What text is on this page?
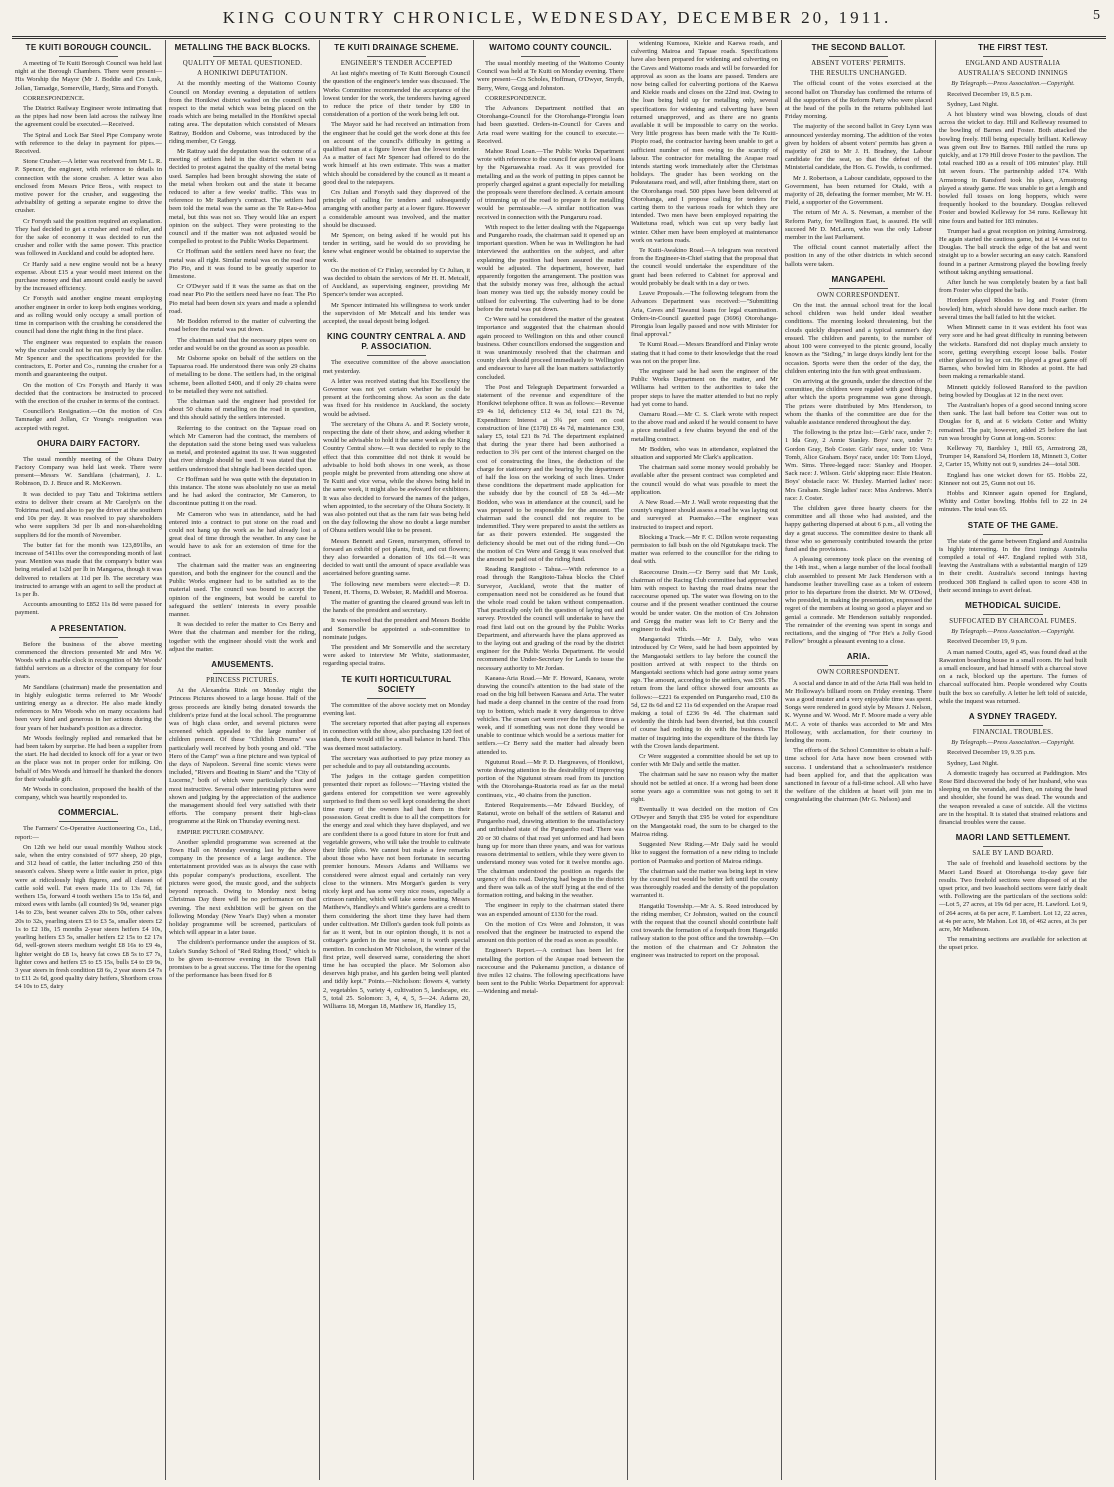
KING COUNTRY CHRONICLE, WEDNESDAY, DECEMBER 20, 1911.	5
TE KUITI BOROUGH COUNCIL.

A meeting of Te Kuiti Borough Council was held last night at the Borough Chambers. There were present—His Worship the Mayor (Mr J. Boddie and Crs Lusk, Jollan, Tamadge, Somerville, Hardy, Sims and Forsyth.

CORRESPONDENCE.

The District Railway Engineer wrote intimating that as the pipes had now been laid across the railway line the agreement could be executed.—Received.

The Spiral and Lock Bar Steel Pipe Company wrote with reference to the delay in payment for pipes.—Received.

Stone Crusher.—A letter was received from Mr L. R. P. Spencer, the engineer, with reference to details in connection with the stone crusher. A letter was also enclosed from Messrs Price Bros., with respect to motive power for the crusher, and suggesting the advisability of getting a separate engine to drive the crusher.

Cr Forsyth said the position required an explanation. They had decided to get a crusher and road roller, and for the sake of economy it was decided to run the crusher and roller with the same power. This practice was followed in Auckland and could be adopted here.

Cr Hardy said a new engine would not be a heavy expense. About £15 a year would meet interest on the purchase money and that amount could easily be saved by the increased efficiency.

Cr Forsyth said another engine meant employing another engineer in order to keep both engines working, and as rolling would only occupy a small portion of time in comparison with the crushing he considered the council had done the right thing in the first place.

The engineer was requested to explain the reason why the crusher could not be run properly by the roller. Mr Spencer and the specifications provided for the contractors, E. Porter and Co., running the crusher for a month and guaranteeing the output.

On the motion of Crs Forsyth and Hardy it was decided that the contractors be instructed to proceed with the erection of the crusher in terms of the contract.

Councillor's Resignation.—On the motion of Crs Tamnadge and Jollan, Cr Young's resignation was accepted with regret.

OHURA DAIRY FACTORY.

The usual monthly meeting of the Ohura Dairy Factory Company was held last week. There were present—Messrs W. Sandilans (chairman), J. L. Robinson, D. J. Bruce and R. McKeown.

It was decided to pay Tatu and Tokirima settlers extra to deliver their cream at Mr Carolyn's on the Tokirima road, and also to pay the driver at the southern end 10s per day. It was resolved to pay shareholders who were suppliers 3d per lb and non-shareholding suppliers 8d for the month of November.

The butter fat for the month was 123,891lbs, an increase of 5411bs over the corresponding month of last year. Mention was made that the company's butter was being retailed at 1s2d per lb in Mangaroa, though it was delivered to retailers at 11d per lb. The secretary was instructed to arrange with an agent to sell the product at 1s per lb.

Accounts amounting to £852 11s 8d were passed for payment.

A PRESENTATION.

Before the business of the above meeting commenced the directors presented Mr and Mrs W. Woods with a marble clock in recognition of Mr Woods' faithful services as a director of the company for four years.

Mr Sandilans (chairman) made the presentation and in highly eulogistic terms referred to Mr Woods' untiring energy as a director. He also made kindly references to Mrs Woods who on many occasions had been very kind and generous in her actions during the four years of her husband's position as a director.

Mr Woods feelingly replied and remarked that he had been taken by surprise. He had been a supplier from the start. He had decided to knock off for a year or two as the place was not in proper order for milking. On behalf of Mrs Woods and himself he thanked the donors for their valuable gift.

Mr Woods in conclusion, proposed the health of the company, which was heartily responded to.

COMMERCIAL.

The Farmers' Co-Operative Auctioneering Co., Ltd., report:—

On 12th we held our usual monthly Waihou stock sale, when the entry consisted of 977 sheep, 20 pigs, and 312 head of cattle, the latter including 250 of this season's calves. Sheep were a little easier in price, pigs were at ridiculously high figures, and all classes of cattle sold well. Fat ewes made 11s to 13s 7d, fat wethers 15s, forward 4 tooth wethers 15s to 15s 6d, and mixed ewes with lambs (all counted) 9s 9d, weaner pigs 14s to 23s, best weaner calves 20s to 50s, other calves 20s to 32s, yearling steers £3 to £3 5s, smaller steers £2 1s to £2 18s, 15 months 2-year steers heifers £4 10s, yearling heifers £3 5s, smaller heifers £2 15s to £2 17s 6d, well-grown steers medium weight £8 16s to £9 4s, lighter weight do £8 1s, heavy fat cows £8 5s to £7 7s, lighter cows and heifers £5 to £5 15s, bulls £4 to £9 9s, 3 year steers in fresh condition £8 6s, 2 year steers £4 7s to £11 2s 6d, good quality dairy heifers, Shorthorn cross £4 10s to £5, dairy

METALLING THE BACK BLOCKS.
QUALITY OF METAL QUESTIONED.
A HONIKIWI DEPUTATION.

At the monthly meeting of the Waitomo County Council on Monday evening a deputation of settlers from the Honikiwi district waited on the council with respect to the metal which was being placed on the roads which are being metalled in the Honikiwi special rating area. The deputation which consisted of Messrs Rattray, Boddon and Osborne, was introduced by the riding member, Cr Gregg.

Mr Rattray said the deputation was the outcome of a meeting of settlers held in the district when it was decided to protest against the quality of the metal being used. Samples had been brought showing the state of the metal when broken out and the state it became reduced to after a few weeks' traffic. This was in reference to Mr Rathery's contract. The settlers had been told the metal was the same as the Te Rau-a-Moa metal, but this was not so. They would like an expert opinion on the subject. They were protesting to the council and if the matter was not adjusted would be compelled to protest to the Public Works Department.

Cr Hoffman said the settlers need have no fear; the metal was all right. Similar metal was on the road near Pio Pio, and it was found to be greatly superior to limestone.

Cr O'Dwyer said if it was the same as that on the road near Pio Pio the settlers need have no fear. The Pio Pio metal had been down six years and made a splendid road.

Mr Boddon referred to the matter of culverting the road before the metal was put down.

The chairman said that the necessary pipes were on order and would be on the ground as soon as possible.

Mr Osborne spoke on behalf of the settlers on the Tapuaroa road. He understood there was only 29 chains of metalling to be done. The settlers had, in the original scheme, been allotted £400, and if only 29 chains were to be metalled they were not satisfied.

The chairman said the engineer had provided for about 50 chains of metalling on the road in question, and this should satisfy the settlers interested.

Referring to the contract on the Tapuae road on which Mr Cameron had the contract, the members of the deputation said the stone being used was valueless as metal, and protested against its use. It was suggested that river shingle should be used. It was stated that the settlers understood that shingle had been decided upon.

Cr Hoffman said he was quite with the deputation in this instance. The stone was absolutely no use as metal and he had asked the contractor, Mr Cameron, to discontinue putting it on the road.

Mr Cameron who was in attendance, said he had entered into a contract to put stone on the road and could not hang up the work as he had already lost a great deal of time through the weather. In any case he would have to ask for an extension of time for the contract.

The chairman said the matter was an engineering question, and both the engineer for the council and the Public Works engineer had to be satisfied as to the material used. The council was bound to accept the opinion of the engineers, but would be careful to safeguard the settlers' interests in every possible manner.

It was decided to refer the matter to Crs Berry and Were that the chairman and member for the riding, together with the engineer should visit the work and adjust the matter.

AMUSEMENTS.
PRINCESS PICTURES.

At the Alexandria Rink on Monday night the Princess Pictures showed to a large house. Half of the gross proceeds are kindly being donated towards the children's prize fund at the local school. The programme was of high class order, and several pictures were screened which appealed to the large number of children present. Of these "Childish Dreams" was particularly well received by both young and old. "The Hero of the Camp" was a fine picture and was typical of the days of Napoleon. Several fine scenic views were included, "Rivers and Boating in Siam" and the "City of Lucerne," both of which were particularly clear and most instructive. Several other interesting pictures were shown and judging by the appreciation of the audience the management should feel very satisfied with their efforts. The company present their high-class programme at the Rink on Thursday evening next.

EMPIRE PICTURE COMPANY.

Another splendid programme was screened at the Town Hall on Monday evening last by the above company in the presence of a large audience. The entertainment provided was as is always the case with this popular company's productions, excellent. The pictures were good, the music good, and the subjects beyond reproach. Owing to Monday next being Christmas Day there will be no performance on that evening. The next exhibition will be given on the following Monday (New Year's Day) when a monster holiday programme will be screened, particulars of which will appear in a later issue.

The children's performance under the auspices of St. Luke's Sunday School of "Red Riding Hood," which is to be given to-morrow evening in the Town Hall promises to be a great success. The time for the opening of the performance has been fixed for 8

TE KUITI DRAINAGE SCHEME.
ENGINEER'S TENDER ACCEPTED

At last night's meeting of Te Kuiti Borough Council the question of the engineer's tender was discussed. The Works Committee recommended the acceptance of the lowest tender for the work, the tenderers having agreed to reduce the price of their tender by £80 in consideration of a portion of the work being left out.

The Mayor said he had received an intimation from the engineer that he could get the work done at this fee on account of the council's difficulty in getting a qualified man at a figure lower than the lowest tender. As a matter of fact Mr Spencer had offered to do the work himself at his own estimate. This was a matter which should be considered by the council as it meant a good deal to the ratepayers.

Crs Julian and Forsyth said they disproved of the principle of calling for tenders and subsequently arranging with another party at a lower figure. However a considerable amount was involved, and the matter should be discussed.

Mr Spencer, on being asked if he would put his tender in writing, said he would do so providing he knew what engineer would be obtained to supervise the work.

On the motion of Cr Finlay, seconded by Cr Julian, it was decided to obtain the services of Mr H. H. Metcalf, of Auckland, as supervising engineer, providing Mr Spencer's tender was accepted.

Mr Spencer intimated his willingness to work under the supervision of Mr Metcalf and his tender was accepted, the usual deposit being lodged.

KING COUNTRY CENTRAL A. AND P. ASSOCIATION.

The executive committee of the above association met yesterday.

A letter was received stating that his Excellency the Governor was not yet certain whether he could be present at the forthcoming show. As soon as the date was fixed for his residence in Auckland, the society would be advised.

The secretary of the Ohura A. and P. Society wrote, respecting the date of their show, and asking whether it would be advisable to hold it the same week as the King Country Central show.—It was decided to reply to the effect that this committee did not think it would be advisable to hold both shows in one week, as those people might be prevented from attending one show at Te Kuiti and vice versa, while the shows being held in the same week, it might also be awkward for exhibitors. It was also decided to forward the names of the judges, when appointed, to the secretary of the Ohura Society. It was also pointed out that as the ram fair was being held on the day following the show no doubt a large number of Ohura settlers would like to be present.

Messrs Bennett and Green, nurserymen, offered to forward an exhibit of pot plants, fruit, and cut flowers; they also forwarded a donation of 10s 6d.—It was decided to wait until the amount of space available was ascertained before granting same.

The following new members were elected:—P. D. Tenent, H. Thorns, D. Webster, R. Maddill and Moeroa.

The matter of granting the cleared ground was left in the hands of the president and secretary.

It was resolved that the president and Messrs Boddie and Somerville be appointed a sub-committee to nominate judges.

The president and Mr Somerville and the secretary were asked to interview Mr White, stationmaster, regarding special trains.

TE KUITI HORTICULTURAL SOCIETY

The committee of the above society met on Monday evening last.

The secretary reported that after paying all expenses in connection with the show, also purchasing 120 feet of stands, there would still be a small balance in hand. This was deemed most satisfactory.

The secretary was authorised to pay prize money as per schedule and to pay all outstanding accounts.

The judges in the cottage garden competition presented their report as follows:—"Having visited the gardens entered for competition we were agreeably surprised to find them so well kept considering the short time many of the owners had had them in their possession. Great credit is due to all the competitors for the energy and zeal which they have displayed, and we are confident there is a good future in store for fruit and vegetable growers, who will take the trouble to cultivate their little plots. We cannot but make a few remarks about those who have not been fortunate in securing premier honours. Messrs Adams and Williams we considered were almost equal and certainly ran very close to the winners. Mrs Morgan's garden is very nicely kept and has some very nice roses, especially a crimson rambler, which will take some beating. Messrs Matthew's, Handley's and White's gardens are a credit to them considering the short time they have had them under cultivation. Mr Dillon's garden took full points as far as it went, but in our opinion though, it is not a cottager's garden in the true sense, it is worth special mention. In conclusion Mr Nicholson, the winner of the first prize, well deserved same, considering the short time he has occupied the place. Mr Solomon also deserves high praise, and his garden being well planted and tidily kept." Points.—Nicholson: flowers 4, variety 2, vegetables 5, variety 4, cultivation 5, landscape, etc. 5, total 25. Solomon: 3, 4, 4, 5, 5—24. Adams 20, Williams 18, Morgan 18, Matthew 16, Handley 15,

WAITOMO COUNTY COUNCIL.

The usual monthly meeting of the Waitomo County Council was held at Te Kuiti on Monday evening. There were present—Crs Scholes, Hoffman, O'Dwyer, Smyth, Berry, Were, Gregg and Johnston.

CORRESPONDENCE.

The Advances Department notified that an Otorohanga-Council for the Otorohanga-Firongia loan had been gazetted. Orders-in-Council for Caves and Aria road were waiting for the council to execute.—Received.

Mahoe Road Loan.—The Public Works Department wrote with reference to the council for approval of loans by the Ngaruawahia road. As it was provided for metalling and as the work of putting in pipes cannot be properly charged against a grant especially for metalling the proposals were therefore declined. A certain amount of trimming up of the road to prepare it for metalling would be permissable.—A similar notification was received in connection with the Pungaruru road.

With respect to the letter dealing with the Ngapaenga and Pungareho roads, the chairman said it opened up an important question. When he was in Wellington he had interviewed the authorities on the subject, and after explaining the position had been assured the matter would be adjusted. The department, however, had apparently forgotten the arrangement. The position was that the subsidy money was free, although the actual loan money was tied up; the subsidy money could be utilised for culverting. The culverting had to be done before the metal was put down.

Cr Were said he considered the matter of the greatest importance and suggested that the chairman should again proceed to Wellington on this and other council business. Other councillors endorsed the suggestion and it was unanimously resolved that the chairman and county clerk should proceed immediately to Wellington and endeavour to have all the loan matters satisfactorily concluded.

The Post and Telegraph Department forwarded a statement of the revenue and expenditure of the Honikiwi telephone office. It was as follows:—Revenue £9 4s 1d, deficiency £12 4s 3d, total £21 8s 7d, Expenditure: Interest at 3¾ per cent on cost construction of line (£178) £6 4s 7d, maintenance £30, salary £5, total £21 8s 7d. The department explained that during the year there had been authorised a reduction to 3¾ per cent of the interest charged on the cost of constructing the lines, the deduction of the charge for stationery and the bearing by the department of half the loss on the working of such lines. Under these conditions the department made application for the subsidy due by the council of £8 3s 4d.—Mr Boddon, who was in attendance at the council, said he was prepared to be responsible for the amount. The chairman said the council did not require to be indemnified. They were prepared to assist the settlers as far as their powers extended. He suggested the deficiency should be met out of the riding fund.—On the motion of Crs Were and Gregg it was resolved that the amount be paid out of the riding fund.

Reading Rangitoto - Tahua.—With reference to a road through the Rangitoto-Tahua blocks the Chief Surveyor, Auckland, wrote that the matter of compensation need not be considered as he found that the whole road could be taken without compensation. That practically only left the question of laying out and survey. Provided the council will undertake to have the road first laid out on the ground by the Public Works Department, and afterwards have the plans approved as to the laying out and grading of the road by the district engineer for the Public Works Department. He would recommend the Under-Secretary for Lands to issue the necessary authority to Mr Jordan.

Kaeaea-Aria Road.—Mr F. Howard, Kaeaea, wrote drawing the council's attention to the bad state of the road on the big hill between Kaeaea and Aria. The water had made a deep channel in the centre of the road from top to bottom, which made it very dangerous to drive vehicles. The cream cart went over the hill three times a week, and if something was not done they would be unable to continue which would be a serious matter for settlers.—Cr Berry said the matter had already been attended to.

Ngutunui Road.—Mr P. D. Hargreaves, of Honikiwi, wrote drawing attention to the desirability of improving portion of the Ngutunui stream road from its junction with the Otorohanga-Ruatoria road as far as the metal continues, viz., 40 chains from the junction.

Entered Requirements.—Mr Edward Buckley, of Ratanui, wrote on behalf of the settlers of Ratanui and Pungareho road, drawing attention to the unsatisfactory and unfinished state of the Pungareho road. There was 20 or 30 chains of that road yet unformed and had been hung up for more than three years, and was for various reasons detrimental to settlers, while they were given to understand money was voted for it twelve months ago. The chairman understood the position as regards the urgency of this road. Dairying had begun in the district and there was talk as of the stuff lying at the end of the formation rotting, and baking in the weather.

The engineer in reply to the chairman stated there was an expended amount of £130 for the road.

On the motion of Crs Were and Johnston, it was resolved that the engineer be instructed to expend the amount on this portion of the road as soon as possible.

Engineer's Report.—A contract has been let for metalling the portion of the Arapae road between the racecourse and the Pukenamu junction, a distance of five miles 12 chains. The following specifications have been sent to the Public Works Department for approval:—Widening and metal-

widening Kumoea, Kiekie and Kaewa roads, and culverting Mairoa and Tapuae roads. Specifications have also been prepared for widening and culverting on the Caves and Waitomo roads and will be forwarded for approval as soon as the loans are passed. Tenders are now being called for culverting portions of the Kaewa and Kiekie roads and closes on the 22nd inst. Owing to the loan being held up for metalling only, several specifications for widening and culverting have been returned unapproved, and as there are no grants available it will be impossible to carry on the works. Very little progress has been made with the Te Kuiti-Piopio road, the contractor having been unable to get a sufficient number of men owing to the scarcity of labour. The contractor for metalling the Arapae road intends starting work immediately after the Christmas holidays. The grader has been working on the Pukeatauara road, and will, after finishing there, start on the Otorohanga road. 500 pipes have been delivered at Otorohanga, and I propose calling for tenders for carting them to the various roads for which they are intended. Two men have been employed repairing the Waitetuna road, which was cut up very badly last winter. Other men have been employed at maintenance work on various roads.

Te Kuiti-Awakino Road.—A telegram was received from the Engineer-in-Chief stating that the proposal that the council would undertake the expenditure of the grant had been referred to Cabinet for approval and would probably be dealt with in a day or two.

Leave Proposals.—The following telegram from the Advances Department was received:—"Submitting Aria, Caves and Tawanui loans for legal examination. Orders-in-Council gazetted page (3696) Otorohanga-Pirongia loan legally passed and now with Minister for final approval."

Te Kumi Road.—Messrs Brandford and Finlay wrote stating that it had come to their knowledge that the road was not on the proper line.

The engineer said he had seen the engineer of the Public Works Department on the matter, and Mr Williams had written to the authorities to take the proper steps to have the matter attended to but no reply had yet come to hand.

Oamaru Road.—Mr C. S. Clark wrote with respect to the above road and asked if he would consent to have a piece metalled a few chains beyond the end of the metalling contract.

Mr Bodden, who was in attendance, explained the situation and supported Mr Clark's application.

The chairman said some money would probably be available after the present contract was completed and the council would do what was possible to meet the application.

A New Road.—Mr J. Wall wrote requesting that the county's engineer should assess a road he was laying out and surveyed at Puemako.—The engineer was instructed to inspect and report.

Blocking a Track.—Mr F. C. Dillon wrote requesting permission to fall bush on the old Ngutukapu track. The matter was referred to the councillor for the riding to deal with.

Racecourse Drain.—Cr Berry said that Mr Lusk, chairman of the Racing Club committee had approached him with respect to having the road drains near the racecourse opened up. The water was flowing on to the course and if the present weather continued the course would be under water. On the motion of Crs Johnston and Gregg the matter was left to Cr Berry and the engineer to deal with.

Mangaotaki Thirds.—Mr J. Daly, who was introduced by Cr Were, said he had been appointed by the Mangaotaki settlers to lay before the council the position arrived at with respect to the thirds on Mangaotaki sections which had gone astray some years ago. The amount, according to the settlers, was £95. The return from the land office showed four amounts as follows:—£221 6s expended on Pungareho road, £10 8s 5d, £2 8s 6d and £2 11s 6d expended on the Arapae road making a total of £236 9s 4d. The chairman said evidently the thirds had been diverted, but this council of course had nothing to do with the business. The matter of inquiring into the expenditure of the thirds lay with the Crown lands department.

Cr Were suggested a committee should be set up to confer with Mr Daly and settle the matter.

The chairman said he saw no reason why the matter should not be settled at once. If a wrong had been done some years ago a committee was not going to set it right.

Eventually it was decided on the motion of Crs O'Dwyer and Smyth that £95 be voted for expenditure on the Mangaotaki road, the sum to be charged to the Mairoa riding.

Suggested New Riding.—Mr Daly said he would like to suggest the formation of a new riding to include portion of Puemako and portion of Mairoa ridings.

The chairman said the matter was being kept in view by the council but would be better left until the county was thoroughly roaded and the density of the population warranted it.

Hangatiki Township.—Mr A. S. Reed introduced by the riding member, Cr Johnston, waited on the council with the request that the council should contribute half cost towards the formation of a footpath from Hangatiki railway station to the post office and the township.—On the motion of the chairman and Cr Johnston the engineer was instructed to report on the proposal.

THE SECOND BALLOT.
ABSENT VOTERS' PERMITS.
THE RESULTS UNCHANGED.

The official count of the votes exercised at the second ballot on Thursday has confirmed the returns of all the supporters of the Reform Party who were placed at the head of the polls in the returns published last Friday morning.

The majority of the second ballot in Grey Lynn was announced yesterday morning. The addition of the votes given by holders of absent voters' permits has given a majority of 268 to Mr J. H. Bradney, the Labour candidate for the seat, so that the defeat of the Ministerial candidate, the Hon. G. Fowlds, is confirmed.

Mr J. Robertson, a Labour candidate, opposed to the Government, has been returned for Otaki, with a majority of 28, defeating the former member, Mr W. H. Field, a supporter of the Government.

The return of Mr A. S. Newman, a member of the Reform Party, for Wellington East, is assured. He will succeed Mr D. McLaren, who was the only Labour member in the last Parliament.

The official count cannot materially affect the position in any of the other districts in which second ballots were taken.

MANGAPEHI.
OWN CORRESPONDENT.

On the inst. the annual school treat for the local school children was held under ideal weather conditions. The morning looked threatening, but the clouds quickly dispersed and a typical summer's day ensued. The children and parents, to the number of about 100 were conveyed to the picnic ground, locally known as the "Siding," in large drays kindly lent for the occasion. Sports were then the order of the day, the children entering into the fun with great enthusiasm.

On arriving at the grounds, under the direction of the committee, the children were regaled with good things, after which the sports programme was gone through. The prizes were distributed by Mrs Henderson, to whom the thanks of the committee are due for the valuable assistance rendered throughout the day.

The following is the prize list:—Girls' race, under 7: 1 Ida Gray, 2 Annie Stanley. Boys' race, under 7: Gordon Gray, Bob Coster. Girls' race, under 10: Vera Tomb, Alice Graham. Boys' race, under 10: Tom Lloyd, Wm. Sims. Three-legged race: Stanley and Hooper. Sack race: J. Wilson. Girls' skipping race: Elsie Heaton. Boys' obstacle race: W. Huxley. Married ladies' race: Mrs Graham. Single ladies' race: Miss Andrews. Men's race: J. Coster.

The children gave three hearty cheers for the committee and all those who had assisted, and the happy gathering dispersed at about 6 p.m., all voting the day a great success. The committee desire to thank all those who so generously contributed towards the prize fund and the provisions.

A pleasing ceremony took place on the evening of the 14th inst., when a large number of the local football club assembled to present Mr Jack Henderson with a handsome leather travelling case as a token of esteem prior to his departure from the district. Mr W. O'Dowd, who presided, in making the presentation, expressed the regret of the members at losing so good a player and so genial a comrade. Mr Henderson suitably responded. The remainder of the evening was spent in songs and recitations, and the singing of "For He's a Jolly Good Fellow" brought a pleasant evening to a close.

ARIA.
OWN CORRESPONDENT.

A social and dance in aid of the Aria Hall was held in Mr Holloway's billiard room on Friday evening. There was a good muster and a very enjoyable time was spent. Songs were rendered in good style by Messrs J. Nelson, K. Wynne and W. Wood. Mr F. Moore made a very able M.C. A vote of thanks was accorded to Mr and Mrs Holloway, with acclamation, for their courtesy in lending the room.

The efforts of the School Committee to obtain a half-time school for Aria have now been crowned with success. I understand that a schoolmaster's residence had been applied for, and that the application was sanctioned in favour of a full-time school. All who have the welfare of the children at heart will join me in congratulating the chairman (Mr G. Nelson) and

THE FIRST TEST.
ENGLAND AND AUSTRALIA
AUSTRALIA'S SECOND INNINGS
By Telegraph.—Press Association.—Copyright.

Received December 19, 8.5 p.m.

Sydney, Last Night.

A hot blustery wind was blowing, clouds of dust across the wicket to day. Hill and Kelleway resumed to the bowling of Barnes and Foster. Both attacked the bowling freely. Hill being especially brilliant. Kelleway was given out lbw to Barnes. Hill rattled the runs up quickly, and at 179 Hill drove Foster to the pavilion. The total reached 180 as a result of 106 minutes' play. Hill hit seven fours. The partnership added 174. With Armstrong in Ransford took his place, Armstrong played a steady game. He was unable to get a length and bowled full tosses on long hoppers, which were frequently hooked to the boundary. Douglas relieved Foster and bowled Kelleway for 34 runs. Kelleway hit nine fours and batted for 183 minutes.

Trumper had a great reception on joining Armstrong. He again started the cautious game, but at 14 was out to Douglas. The ball struck the edge of the bat and went straight up to a bowler securing an easy catch. Ransford found in a partner Armstrong played the bowling freely without taking anything sensational.

After lunch he was completely beaten by a fast ball from Foster who clipped the bails.

Hordern played Rhodes to leg and Foster (from bowled) him, which should have done much earlier. He several times the ball failed to hit the wicket.

When Minnett came in it was evident his foot was very sore and he had great difficulty in running between the wickets. Ransford did not display much anxiety to score, getting everything except loose balls. Foster either glanced to leg or cut. He played a great game off Barnes, who bowled him in Rhodes at point. He had been making a remarkable stand.

Minnett quickly followed Ransford to the pavilion being bowled by Douglas at 12 in the next over.

The Australian's hopes of a good second inning score then sank. The last ball before tea Cotter was out to Douglas for 8, and at 6 wickets Cotter and Whitty remained. The pair, however, added 25 before the last run was brought by Gunn at long-on. Scores:

Kelleway 70, Bardsley 1, Hill 65, Armstrong 28, Trumper 14, Ransford 34, Hordern 18, Minnett 3, Cotter 2, Carter 15, Whitty not out 9, sundries 24—total 308.

England has one wicket down for 65. Hobbs 22, Kinneer not out 25, Gunn not out 16.

Hobbs and Kinneer again opened for England, Whitty and Cotter bowling. Hobbs fell to 22 in 24 minutes. The total was 65.

STATE OF THE GAME.

The state of the game between England and Australia is highly interesting. In the first innings Australia compiled a total of 447. England replied with 318, leaving the Australians with a substantial margin of 129 in their credit. Australia's second innings having produced 308 England is called upon to score 438 in their second innings to avert defeat.

METHODICAL SUICIDE.
SUFFOCATED BY CHARCOAL FUMES.
By Telegraph.—Press Association.—Copyright.

Received December 19, 9 p.m.

A man named Coutts, aged 45, was found dead at the Rawanton boarding house in a small room. He had built a small enclosure, and had himself with a charcoal stove on a rack, blocked up the aperture. The fumes of charcoal suffocated him. People wondered why Coutts built the box so carefully. A letter he left told of suicide, while the inquest was returned.

A SYDNEY TRAGEDY.
FINANCIAL TROUBLES.
By Telegraph.—Press Association.—Copyright.

Received December 19, 9.35 p.m.

Sydney, Last Night.

A domestic tragedy has occurred at Paddington. Mrs Rose Bird discovered the body of her husband, who was sleeping on the verandah, and then, on raising the head and shoulder, she found he was dead. The wounds and the weapon revealed a case of suicide. All the victims are in the hospital. It is stated that strained relations and financial troubles were the cause.

MAORI LAND SETTLEMENT.
SALE BY LAND BOARD.

The sale of freehold and leasehold sections by the Maori Land Board at Otorohanga to-day gave fair results. Two freehold sections were disposed of at the upset price, and two leasehold sections were fairly dealt with. Following are the particulars of the sections sold:—Lot 5, 27 acres, at 19s 6d per acre, H. Lawford. Lot 9, of 264 acres, at 6s per acre, F. Lambert. Lot 12, 22 acres, at 4s per acre, Mr Mahon. Lot 18, of 462 acres, at 3s per acre, Mr Matheson.

The remaining sections are available for selection at the upset price.
